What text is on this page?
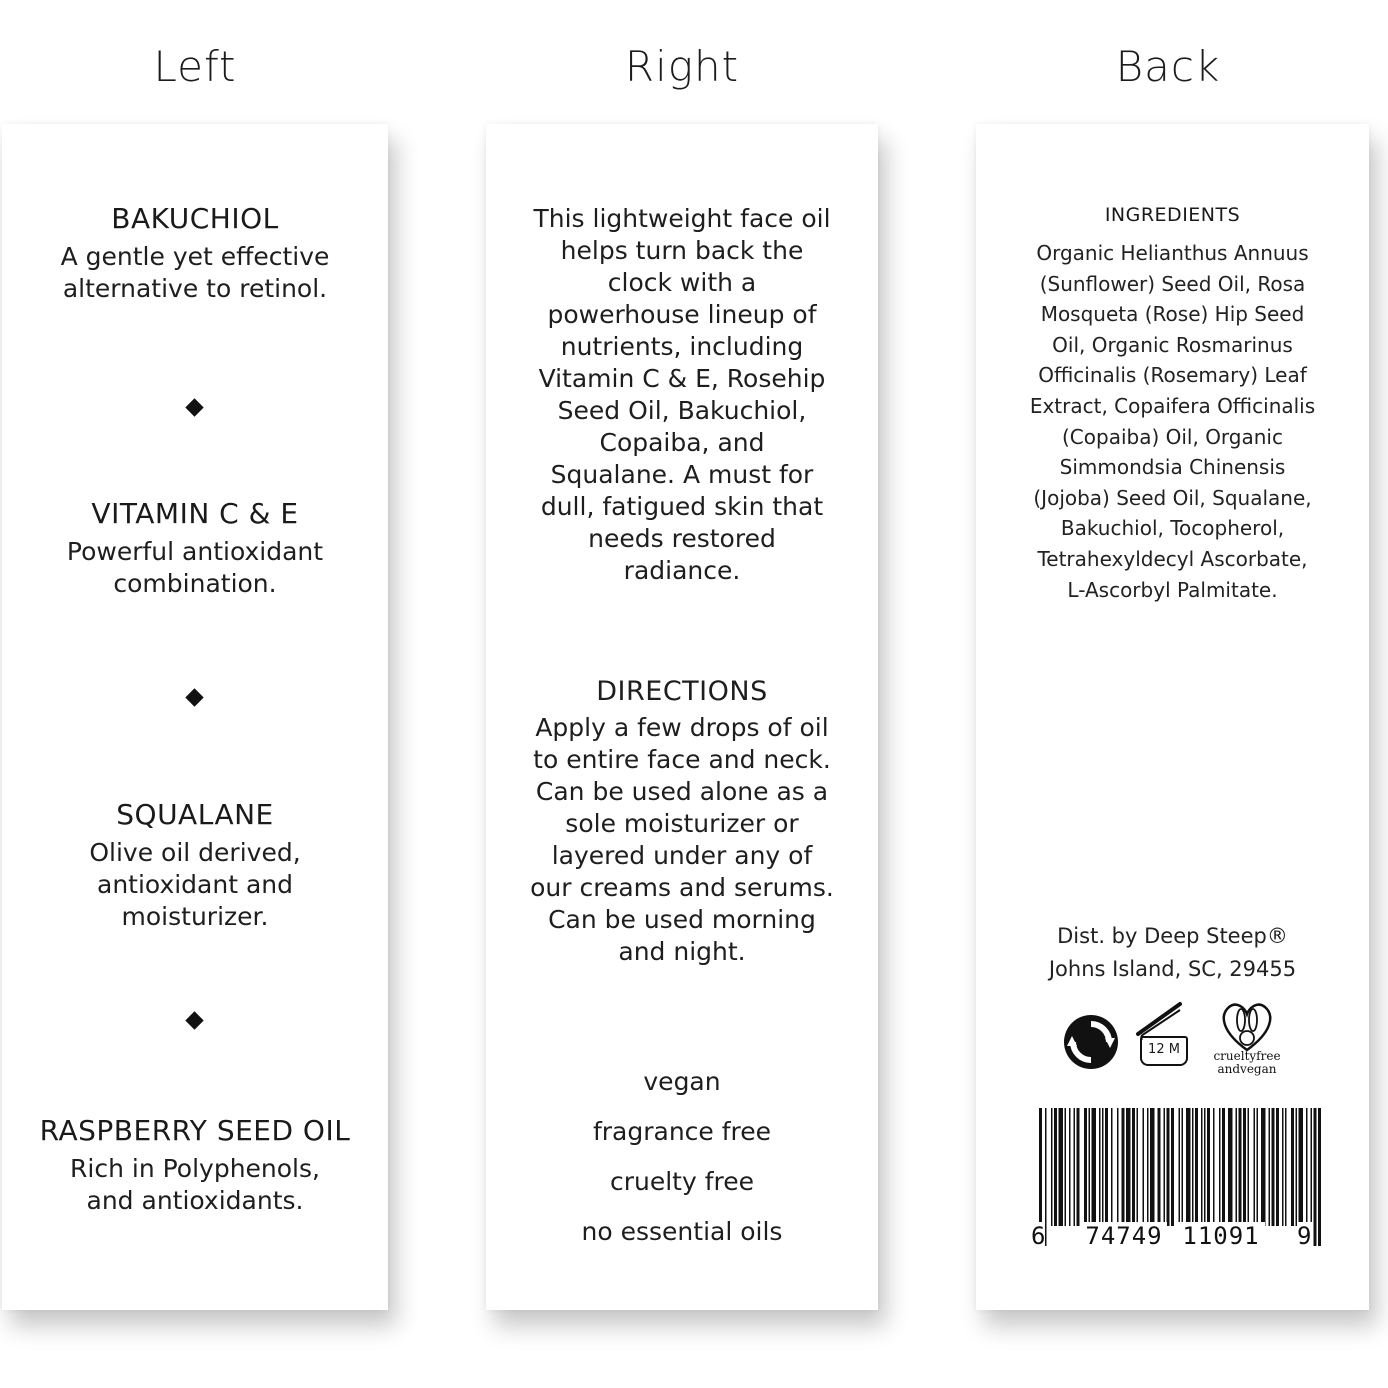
Left	Right	Back
BAKUCHIOL
A gentle yet effective
alternative to retinol.
VITAMIN C & E
Powerful antioxidant
combination.
SQUALANE
Olive oil derived,
antioxidant and
moisturizer.
RASPBERRY SEED OIL
Rich in Polyphenols,
and antioxidants.
This lightweight face oil
helps turn back the
clock with a
powerhouse lineup of
nutrients, including
Vitamin C & E, Rosehip
Seed Oil, Bakuchiol,
Copaiba, and
Squalane. A must for
dull, fatigued skin that
needs restored
radiance.
DIRECTIONS
Apply a few drops of oil
to entire face and neck.
Can be used alone as a
sole moisturizer or
layered under any of
our creams and serums.
Can be used morning
and night.
vegan
fragrance free
cruelty free
no essential oils
INGREDIENTS
Organic Helianthus Annuus
(Sunflower) Seed Oil, Rosa
Mosqueta (Rose) Hip Seed
Oil, Organic Rosmarinus
Officinalis (Rosemary) Leaf
Extract, Copaifera Officinalis
(Copaiba) Oil, Organic
Simmondsia Chinensis
(Jojoba) Seed Oil, Squalane,
Bakuchiol, Tocopherol,
Tetrahexyldecyl Ascorbate,
L-Ascorbyl Palmitate.
Dist. by Deep Steep®
Johns Island, SC, 29455
12 M	crueltyfree
andvegan
6 74749 11091 9
